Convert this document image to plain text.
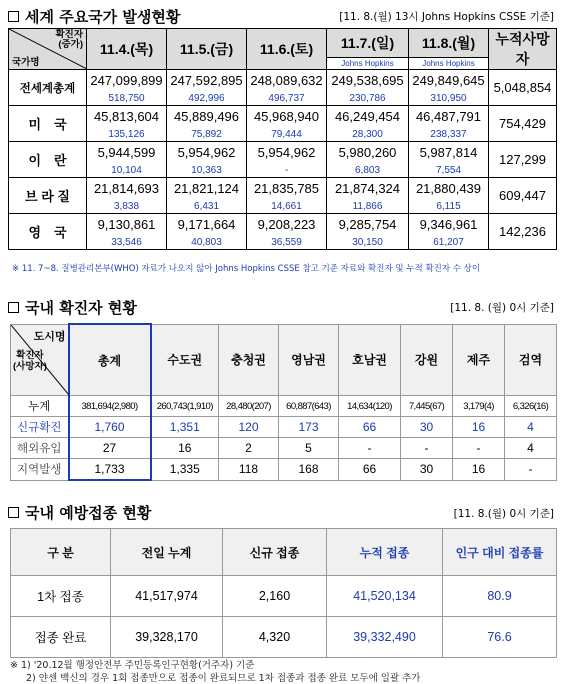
세계 주요국가 발생현황	[11. 8.(월) 13시 Johns Hopkins CSSE 기준]
확진자
(증가)
국가명	11.4.(목)	11.5.(금)	11.6.(토)	11.7.(일)	11.8.(월)	누적사망자
				Johns Hopkins	Johns Hopkins	
전세계총계	247,099,899	247,592,895	248,089,632	249,538,695	249,849,645	5,048,854
	518,750	492,996	496,737	230,786	310,950	
미　국	45,813,604	45,889,496	45,968,940	46,249,454	46,487,791	754,429
	135,126	75,892	79,444	28,300	238,337	
이　란	5,944,599	5,954,962	5,954,962	5,980,260	5,987,814	127,299
	10,104	10,363	-	6,803	7,554	
브 라 질	21,814,693	21,821,124	21,835,785	21,874,324	21,880,439	609,447
	3,838	6,431	14,661	11,866	6,115	
영　국	9,130,861	9,171,664	9,208,223	9,285,754	9,346,961	142,236
	33,546	40,803	36,559	30,150	61,207	
※ 11. 7~8. 질병관리본부(WHO) 자료가 나오지 않아 Johns Hopkins CSSE 참고 기준 자료와 확진자 및 누적 확진자 수 상이
국내 확진자 현황	[11. 8. (월) 0시 기준]
도시명
확진자
(사망자)	총계	수도권	충청권	영남권	호남권	강원	제주	검역
누계	381,694(2,980)	260,743(1,910)	28,480(207)	60,887(643)	14,634(120)	7,445(67)	3,179(4)	6,326(16)
신규확진	1,760	1,351	120	173	66	30	16	4
해외유입	27	16	2	5	-	-	-	4
지역발생	1,733	1,335	118	168	66	30	16	-
국내 예방접종 현황	[11. 8.(월) 0시 기준]
구 분	전일 누계	신규 접종	누적 접종	인구 대비 접종률
1차 접종	41,517,974	2,160	41,520,134	80.9
접종 완료	39,328,170	4,320	39,332,490	76.6
※ 1) '20.12월 행정안전부 주민등록인구현황(거주자) 기준
2) 얀센 백신의 경우 1회 접종만으로 접종이 완료되므로 1차 접종과 접종 완료 모두에 일괄 추가
